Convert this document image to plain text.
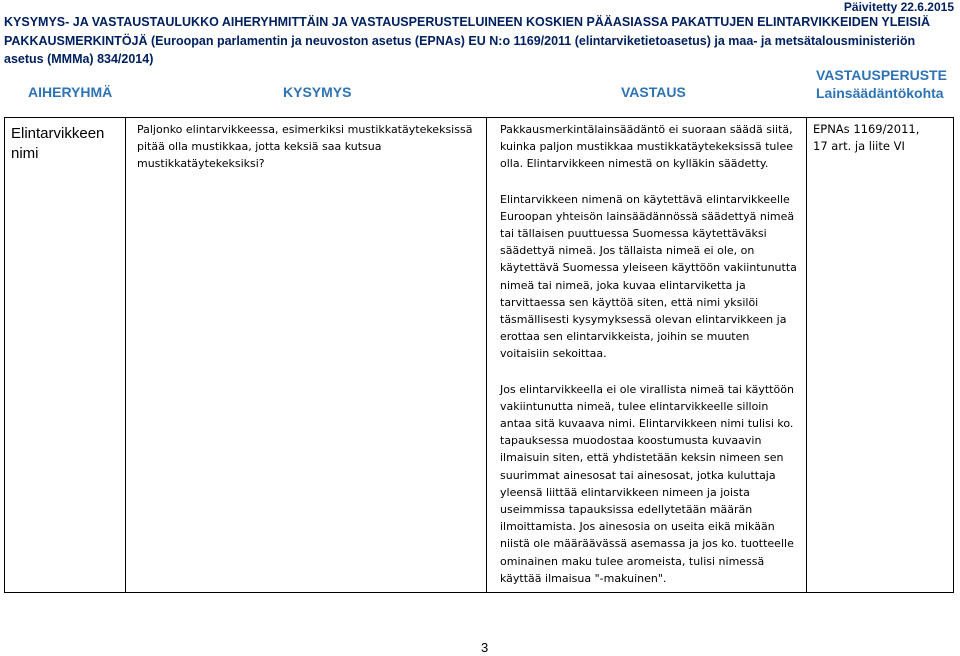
Päivitetty 22.6.2015
KYSYMYS- JA VASTAUSTAULUKKO AIHERYHMITTÄIN JA VASTAUSPERUSTELUINEEN KOSKIEN PÄÄASIASSA PAKATTUJEN ELINTARVIKKEIDEN YLEISIÄ PAKKAUSMERKINTÖJÄ (Euroopan parlamentin ja neuvoston asetus (EPNAs) EU N:o 1169/2011 (elintarviketietoasetus) ja maa- ja metsätalousministeriön asetus (MMMa) 834/2014)
AIHERYHMÄ	KYSYMYS	VASTAUS
VASTAUSPERUSTE
Lainsäädäntökohta
Elintarvikkeen nimi
Paljonko elintarvikkeessa, esimerkiksi mustikkatäytekeksissä pitää olla mustikkaa, jotta keksiä saa kutsua mustikkatäytekeksiksi?

Pakkausmerkintälainsäädäntö ei suoraan säädä siitä, kuinka paljon mustikkaa mustikkatäytekeksissä tulee olla. Elintarvikkeen nimestä on kylläkin säädetty.

Elintarvikkeen nimenä on käytettävä elintarvikkeelle Euroopan yhteisön lainsäädännössä säädettyä nimeä tai tällaisen puuttuessa Suomessa käytettäväksi säädettyä nimeä. Jos tällaista nimeä ei ole, on käytettävä Suomessa yleiseen käyttöön vakiintunutta nimeä tai nimeä, joka kuvaa elintarviketta ja tarvittaessa sen käyttöä siten, että nimi yksilöi täsmällisesti kysymyksessä olevan elintarvikkeen ja erottaa sen elintarvikkeista, joihin se muuten voitaisiin sekoittaa.

Jos elintarvikkeella ei ole virallista nimeä tai käyttöön vakiintunutta nimeä, tulee elintarvikkeelle silloin antaa sitä kuvaava nimi. Elintarvikkeen nimi tulisi ko. tapauksessa muodostaa koostumusta kuvaavin ilmaisuin siten, että yhdistetään keksin nimeen sen suurimmat ainesosat tai ainesosat, jotka kuluttaja yleensä liittää elintarvikkeen nimeen ja joista useimmissa tapauksissa edellytetään määrän ilmoittamista. Jos ainesosia on useita eikä mikään niistä ole määräävässä asemassa ja jos ko. tuotteelle ominainen maku tulee aromeista, tulisi nimessä käyttää ilmaisua "-makuinen".

EPNAs 1169/2011,
17 art. ja liite VI
3
